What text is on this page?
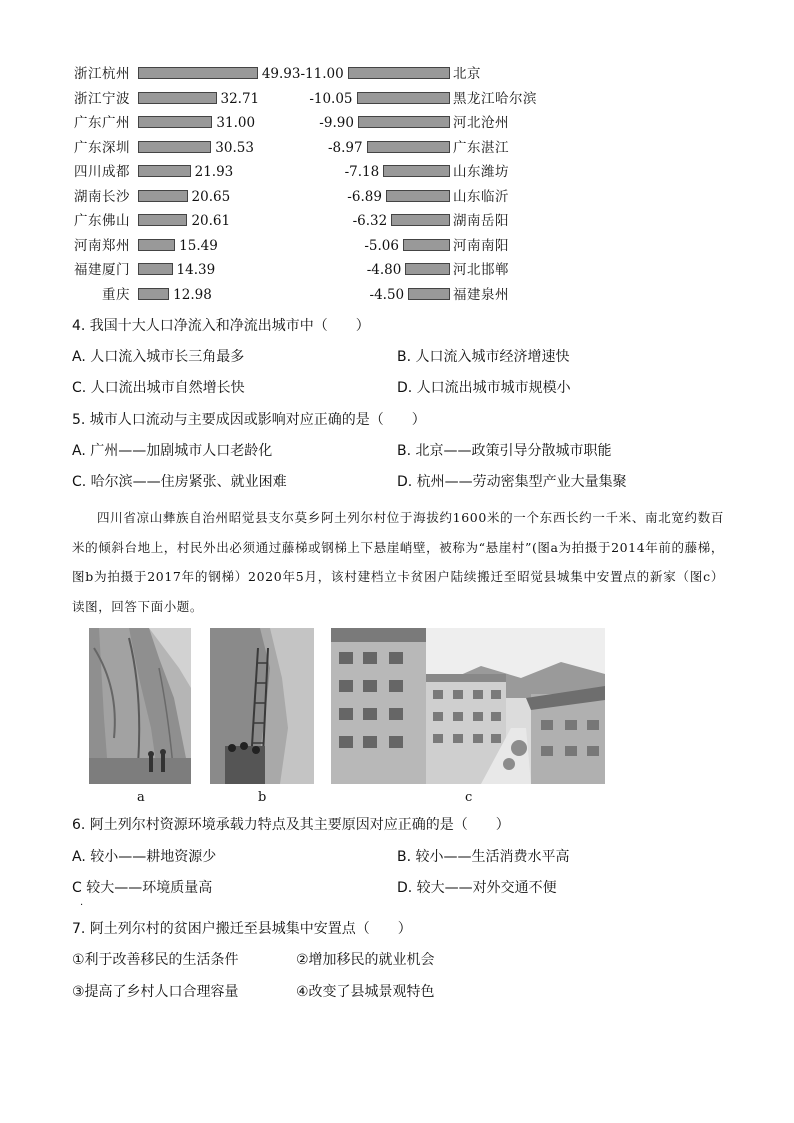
浙江杭州	49.93 -11.00	北京
浙江宁波	32.71	-10.05	黑龙江哈尔滨
广东广州	31.00	-9.90	河北沧州
广东深圳	30.53	-8.97	广东湛江
四川成都	21.93	-7.18	山东潍坊
湖南长沙	20.65	-6.89	山东临沂
广东佛山	20.61	-6.32	湖南岳阳
河南郑州	15.49	-5.06	河南南阳
福建厦门	14.39	-4.80	河北邯郸
重庆	12.98	-4.50	福建泉州
4. 我国十大人口净流入和净流出城市中（　　）
A. 人口流入城市长三角最多	B. 人口流入城市经济增速快
C. 人口流出城市自然增长快	D. 人口流出城市城市规模小
5. 城市人口流动与主要成因或影响对应正确的是（　　）
A. 广州——加剧城市人口老龄化	B. 北京——政策引导分散城市职能
C. 哈尔滨——住房紧张、就业困难	D. 杭州——劳动密集型产业大量集聚
四川省凉山彝族自治州昭觉县支尔莫乡阿土列尔村位于海拔约1600米的一个东西长约一千米、南北宽约数百米的倾斜台地上，村民外出必须通过藤梯或钢梯上下悬崖峭壁，被称为“悬崖村”(图a为拍摄于2014年前的藤梯，图b为拍摄于2017年的钢梯）2020年5月，该村建档立卡贫困户陆续搬迁至昭觉县城集中安置点的新家（图c）读图，回答下面小题。
a	b	c
6. 阿土列尔村资源环境承载力特点及其主要原因对应正确的是（　　）
A. 较小——耕地资源少	B. 较小——生活消费水平高
C 较大——环境质量高	D. 较大——对外交通不便
.
7. 阿土列尔村的贫困户搬迁至县城集中安置点（　　）
①利于改善移民的生活条件	②增加移民的就业机会
③提高了乡村人口合理容量	④改变了县城景观特色
